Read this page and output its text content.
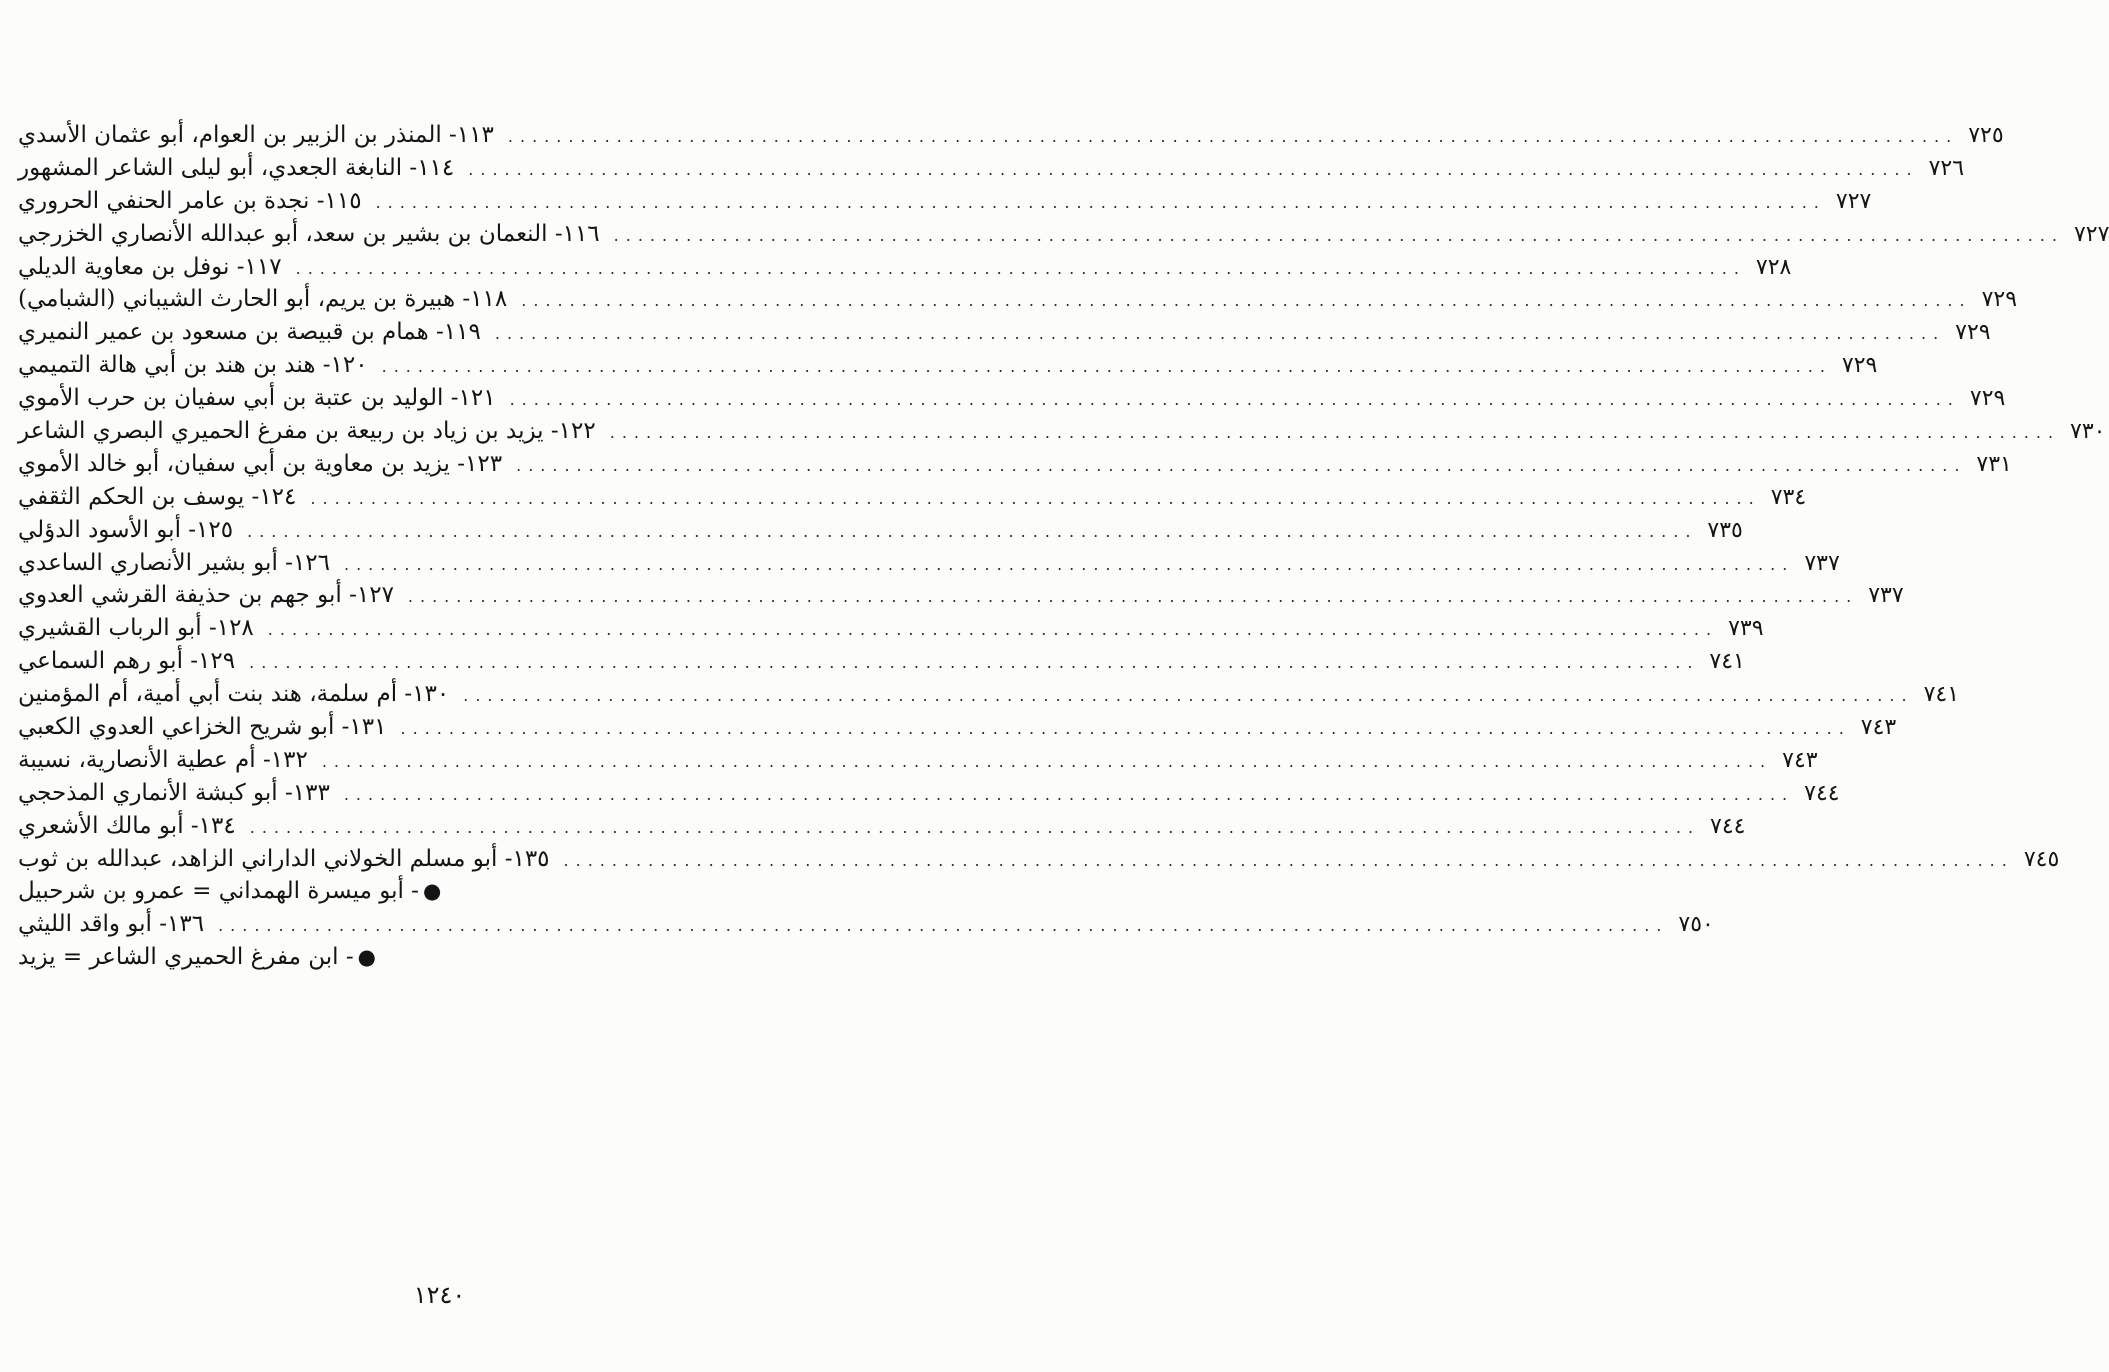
١١٣- المنذر بن الزبير بن العوام، أبو عثمان الأسدي ........................................................................................................................ ٧٢٥
١١٤- النابغة الجعدي، أبو ليلى الشاعر المشهور ........................................................................................................................ ٧٢٦
١١٥- نجدة بن عامر الحنفي الحروري ........................................................................................................................ ٧٢٧
١١٦- النعمان بن بشير بن سعد، أبو عبدالله الأنصاري الخزرجي ........................................................................................................................ ٧٢٧
١١٧- نوفل بن معاوية الديلي ........................................................................................................................ ٧٢٨
١١٨- هبيرة بن يريم، أبو الحارث الشيباني (الشبامي) ........................................................................................................................ ٧٢٩
١١٩- همام بن قبيصة بن مسعود بن عمير النميري ........................................................................................................................ ٧٢٩
١٢٠- هند بن هند بن أبي هالة التميمي ........................................................................................................................ ٧٢٩
١٢١- الوليد بن عتبة بن أبي سفيان بن حرب الأموي ........................................................................................................................ ٧٢٩
١٢٢- يزيد بن زياد بن ربيعة بن مفرغ الحميري البصري الشاعر ........................................................................................................................ ٧٣٠
١٢٣- يزيد بن معاوية بن أبي سفيان، أبو خالد الأموي ........................................................................................................................ ٧٣١
١٢٤- يوسف بن الحكم الثقفي ........................................................................................................................ ٧٣٤
١٢٥- أبو الأسود الدؤلي ........................................................................................................................ ٧٣٥
١٢٦- أبو بشير الأنصاري الساعدي ........................................................................................................................ ٧٣٧
١٢٧- أبو جهم بن حذيفة القرشي العدوي ........................................................................................................................ ٧٣٧
١٢٨- أبو الرباب القشيري ........................................................................................................................ ٧٣٩
١٢٩- أبو رهم السماعي ........................................................................................................................ ٧٤١
١٣٠- أم سلمة، هند بنت أبي أمية، أم المؤمنين ........................................................................................................................ ٧٤١
١٣١- أبو شريح الخزاعي العدوي الكعبي ........................................................................................................................ ٧٤٣
١٣٢- أم عطية الأنصارية، نسيبة ........................................................................................................................ ٧٤٣
١٣٣- أبو كبشة الأنماري المذحجي ........................................................................................................................ ٧٤٤
١٣٤- أبو مالك الأشعري ........................................................................................................................ ٧٤٤
١٣٥- أبو مسلم الخولاني الداراني الزاهد، عبدالله بن ثوب ........................................................................................................................ ٧٤٥
●- أبو ميسرة الهمداني = عمرو بن شرحبيل
١٣٦- أبو واقد الليثي ........................................................................................................................ ٧٥٠
●- ابن مفرغ الحميري الشاعر = يزيد
١٢٤٠
